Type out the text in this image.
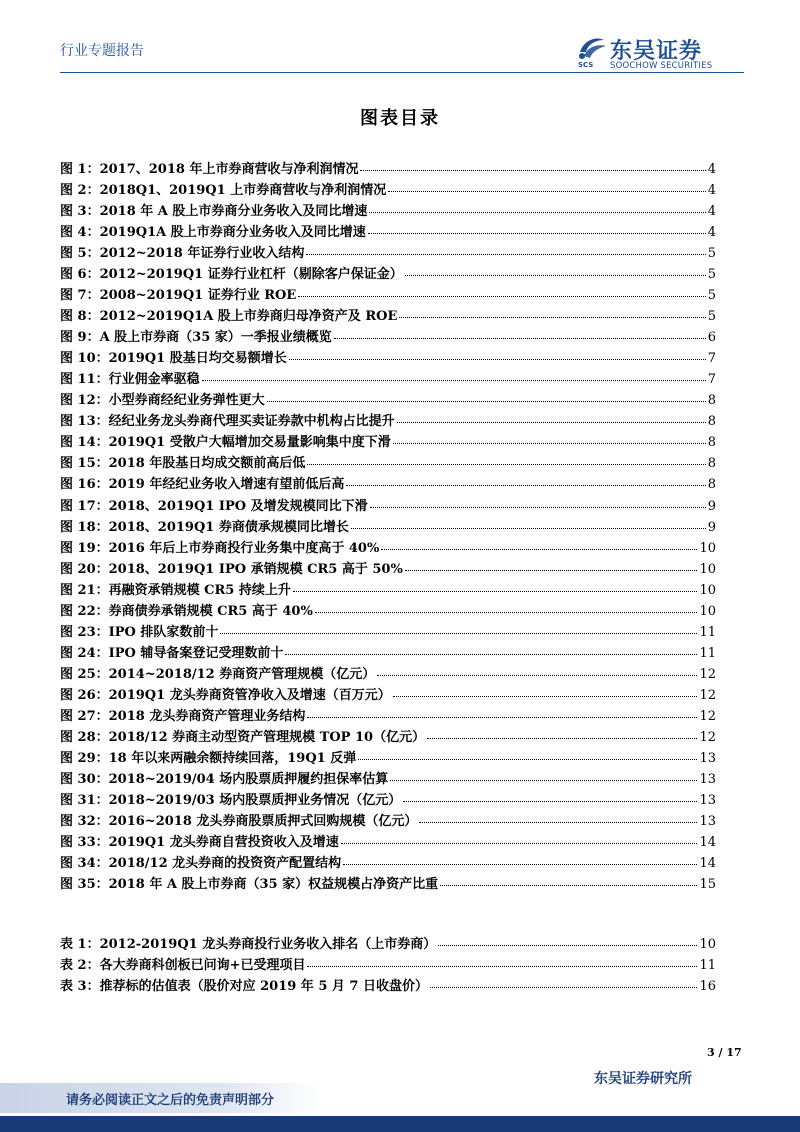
行业专题报告
SCS
东吴证券
SOOCHOW SECURITIES
图表目录
图 1：2017、2018 年上市券商营收与净利润情况	4
图 2：2018Q1、2019Q1 上市券商营收与净利润情况	4
图 3：2018 年 A 股上市券商分业务收入及同比增速	4
图 4：2019Q1A 股上市券商分业务收入及同比增速	4
图 5：2012~2018 年证券行业收入结构	5
图 6：2012~2019Q1 证券行业杠杆（剔除客户保证金）	5
图 7：2008~2019Q1 证券行业 ROE	5
图 8：2012~2019Q1A 股上市券商归母净资产及 ROE	5
图 9：A 股上市券商（35 家）一季报业绩概览	6
图 10：2019Q1 股基日均交易额增长	7
图 11：行业佣金率驱稳	7
图 12：小型券商经纪业务弹性更大	8
图 13：经纪业务龙头券商代理买卖证券款中机构占比提升	8
图 14：2019Q1 受散户大幅增加交易量影响集中度下滑	8
图 15：2018 年股基日均成交额前高后低	8
图 16：2019 年经纪业务收入增速有望前低后高	8
图 17：2018、2019Q1 IPO 及增发规模同比下滑	9
图 18：2018、2019Q1 券商债承规模同比增长	9
图 19：2016 年后上市券商投行业务集中度高于 40%	10
图 20：2018、2019Q1 IPO 承销规模 CR5 高于 50%	10
图 21：再融资承销规模 CR5 持续上升	10
图 22：券商债券承销规模 CR5 高于 40%	10
图 23：IPO 排队家数前十	11
图 24：IPO 辅导备案登记受理数前十	11
图 25：2014~2018/12 券商资产管理规模（亿元）	12
图 26：2019Q1 龙头券商资管净收入及增速（百万元）	12
图 27：2018 龙头券商资产管理业务结构	12
图 28：2018/12 券商主动型资产管理规模 TOP 10（亿元）	12
图 29：18 年以来两融余额持续回落，19Q1 反弹	13
图 30：2018~2019/04 场内股票质押履约担保率估算	13
图 31：2018~2019/03 场内股票质押业务情况（亿元）	13
图 32：2016~2018 龙头券商股票质押式回购规模（亿元）	13
图 33：2019Q1 龙头券商自营投资收入及增速	14
图 34：2018/12 龙头券商的投资资产配置结构	14
图 35：2018 年 A 股上市券商（35 家）权益规模占净资产比重	15
表 1：2012-2019Q1 龙头券商投行业务收入排名（上市券商）	10
表 2：各大券商科创板已问询+已受理项目	11
表 3：推荐标的估值表（股价对应 2019 年 5 月 7 日收盘价）	16
3 / 17
请务必阅读正文之后的免责声明部分
东吴证券研究所
